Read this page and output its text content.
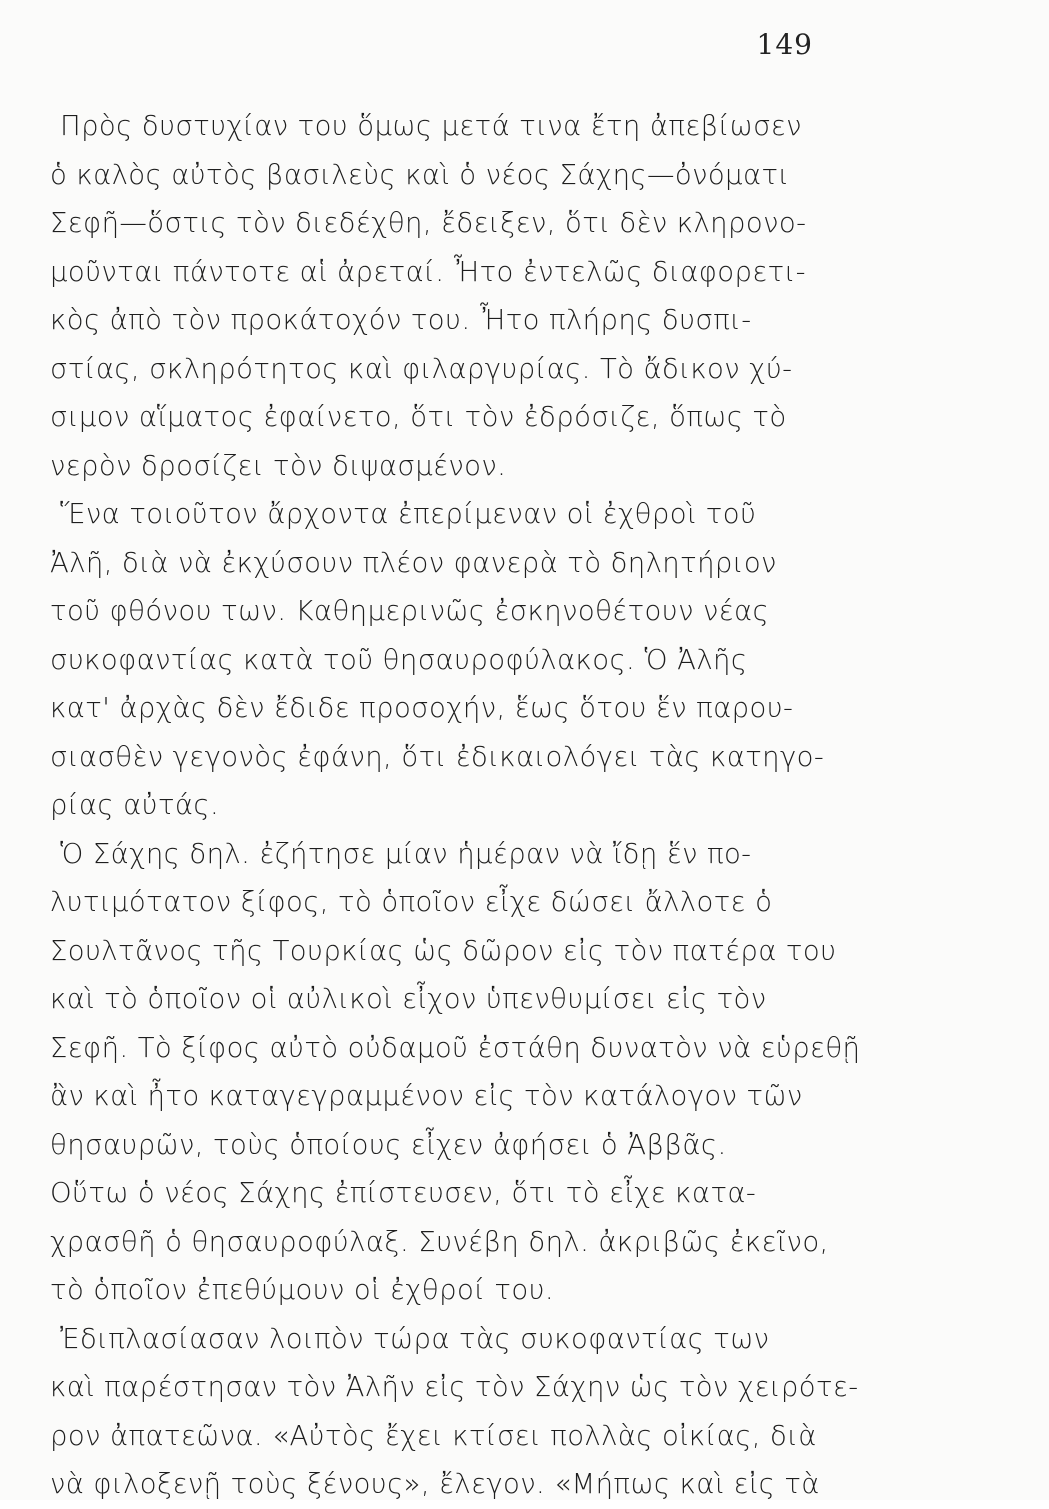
149
Πρὸς δυστυχίαν του ὅμως μετά τινα ἔτη ἀπεβίωσεν
ὁ καλὸς αὐτὸς βασιλεὺς καὶ ὁ νέος Σάχης—ὀνόματι
Σεφῆ—ὅστις τὸν διεδέχθη, ἔδειξεν, ὅτι δὲν κληρονο-
μοῦνται πάντοτε αἱ ἀρεταί. Ἦτο ἐντελῶς διαφορετι-
κὸς ἀπὸ τὸν προκάτοχόν του. Ἦτο πλήρης δυσπι-
στίας, σκληρότητος καὶ φιλαργυρίας. Τὸ ἄδικον χύ-
σιμον αἵματος ἐφαίνετο, ὅτι τὸν ἐδρόσιζε, ὅπως τὸ
νερὸν δροσίζει τὸν διψασμένον.
Ἕνα τοιοῦτον ἄρχοντα ἐπερίμεναν οἱ ἐχθροὶ τοῦ
Ἀλῆ, διὰ νὰ ἐκχύσουν πλέον φανερὰ τὸ δηλητήριον
τοῦ φθόνου των. Καθημερινῶς ἐσκηνοθέτουν νέας
συκοφαντίας κατὰ τοῦ θησαυροφύλακος. Ὁ Ἀλῆς
κατ' ἀρχὰς δὲν ἔδιδε προσοχήν, ἕως ὅτου ἕν παρου-
σιασθὲν γεγονὸς ἐφάνη, ὅτι ἐδικαιολόγει τὰς κατηγο-
ρίας αὐτάς.
Ὁ Σάχης δηλ. ἐζήτησε μίαν ἡμέραν νὰ ἴδῃ ἕν πο-
λυτιμότατον ξίφος, τὸ ὁποῖον εἶχε δώσει ἄλλοτε ὁ
Σουλτᾶνος τῆς Τουρκίας ὡς δῶρον εἰς τὸν πατέρα του
καὶ τὸ ὁποῖον οἱ αὐλικοὶ εἶχον ὑπενθυμίσει εἰς τὸν
Σεφῆ. Τὸ ξίφος αὐτὸ οὐδαμοῦ ἐστάθη δυνατὸν νὰ εὑρεθῇ
ἂν καὶ ἦτο καταγεγραμμένον εἰς τὸν κατάλογον τῶν
θησαυρῶν, τοὺς ὁποίους εἶχεν ἀφήσει ὁ Ἀββᾶς.
Οὕτω ὁ νέος Σάχης ἐπίστευσεν, ὅτι τὸ εἶχε κατα-
χρασθῆ ὁ θησαυροφύλαξ. Συνέβη δηλ. ἀκριβῶς ἐκεῖνο,
τὸ ὁποῖον ἐπεθύμουν οἱ ἐχθροί του.
Ἐδιπλασίασαν λοιπὸν τώρα τὰς συκοφαντίας των
καὶ παρέστησαν τὸν Ἀλῆν εἰς τὸν Σάχην ὡς τὸν χειρότε-
ρον ἀπατεῶνα. «Αὐτὸς ἔχει κτίσει πολλὰς οἰκίας, διὰ
νὰ φιλοξενῇ τοὺς ξένους», ἔλεγον. «Μήπως καὶ εἰς τὰ
